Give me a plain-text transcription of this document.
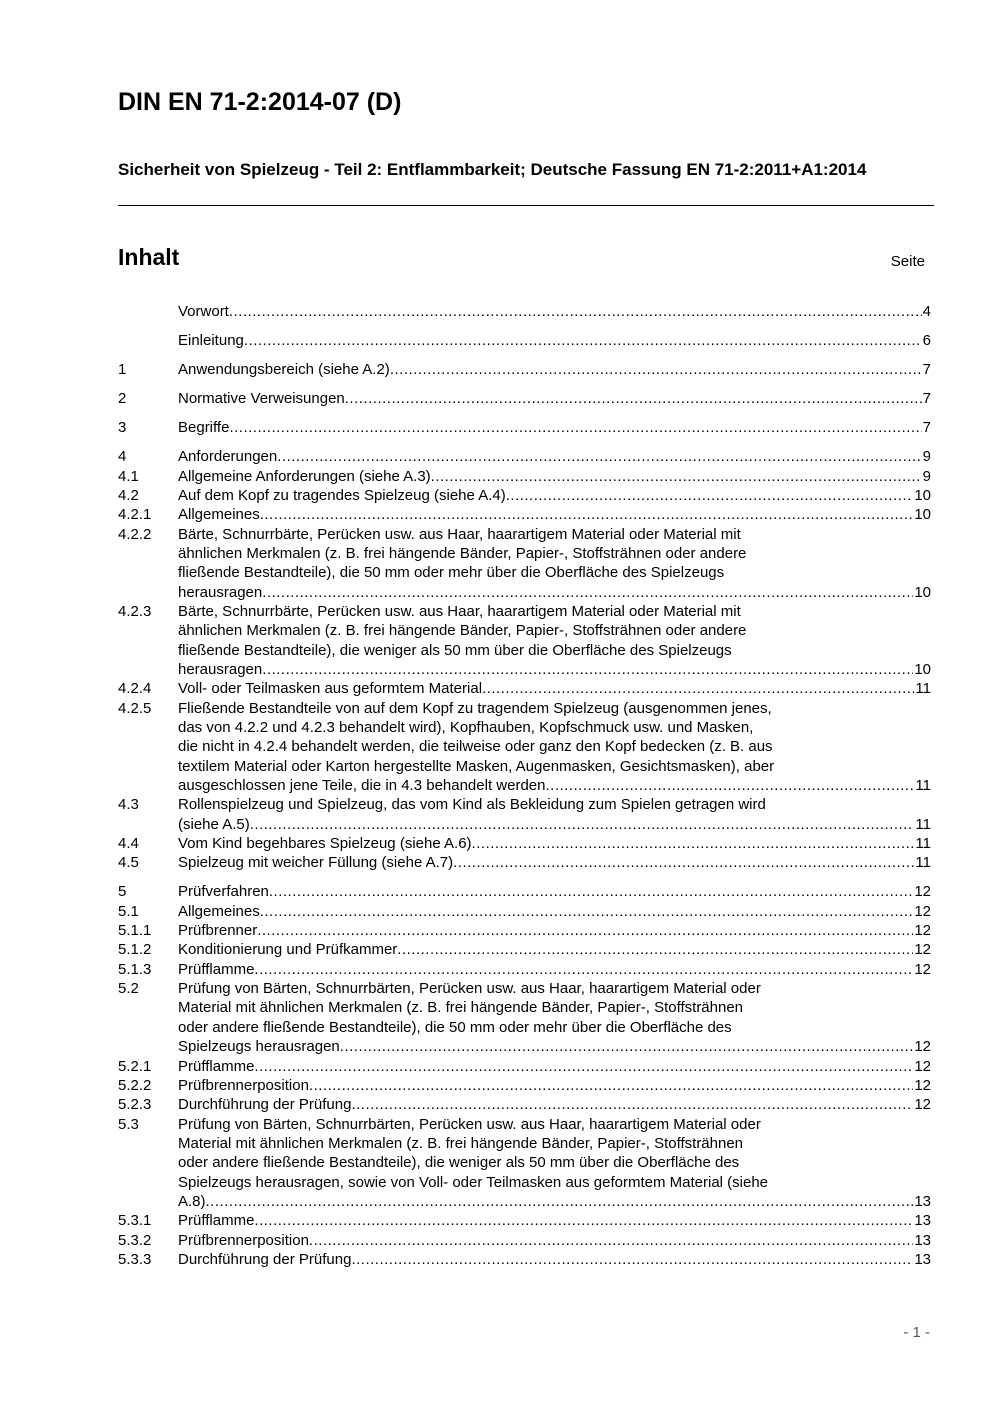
DIN EN 71-2:2014-07 (D)
Sicherheit von Spielzeug - Teil 2: Entflammbarkeit; Deutsche Fassung EN 71-2:2011+A1:2014
Inhalt	Seite
Vorwort .....	4
Einleitung .....	6
1	Anwendungsbereich (siehe A.2) .....	7
2	Normative Verweisungen .....	7
3	Begriffe .....	7
4	Anforderungen .....	9
4.1	Allgemeine Anforderungen (siehe A.3) .....	9
4.2	Auf dem Kopf zu tragendes Spielzeug (siehe A.4) .....	10
4.2.1	Allgemeines .....	10
4.2.2	Bärte, Schnurrbärte, Perücken usw. aus Haar, haarartigem Material oder Material mit
ähnlichen Merkmalen (z. B. frei hängende Bänder, Papier-, Stoffsträhnen oder andere
fließende Bestandteile), die 50 mm oder mehr über die Oberfläche des Spielzeugs
herausragen .....	10
4.2.3	Bärte, Schnurrbärte, Perücken usw. aus Haar, haarartigem Material oder Material mit
ähnlichen Merkmalen (z. B. frei hängende Bänder, Papier-, Stoffsträhnen oder andere
fließende Bestandteile), die weniger als 50 mm über die Oberfläche des Spielzeugs
herausragen .....	10
4.2.4	Voll- oder Teilmasken aus geformtem Material .....	11
4.2.5	Fließende Bestandteile von auf dem Kopf zu tragendem Spielzeug (ausgenommen jenes,
das von 4.2.2 und 4.2.3 behandelt wird), Kopfhauben, Kopfschmuck usw. und Masken,
die nicht in 4.2.4 behandelt werden, die teilweise oder ganz den Kopf bedecken (z. B. aus
textilem Material oder Karton hergestellte Masken, Augenmasken, Gesichtsmasken), aber
ausgeschlossen jene Teile, die in 4.3 behandelt werden .....	11
4.3	Rollenspielzeug und Spielzeug, das vom Kind als Bekleidung zum Spielen getragen wird
(siehe A.5) .....	11
4.4	Vom Kind begehbares Spielzeug (siehe A.6) .....	11
4.5	Spielzeug mit weicher Füllung (siehe A.7) .....	11
5	Prüfverfahren .....	12
5.1	Allgemeines .....	12
5.1.1	Prüfbrenner .....	12
5.1.2	Konditionierung und Prüfkammer .....	12
5.1.3	Prüfflamme .....	12
5.2	Prüfung von Bärten, Schnurrbärten, Perücken usw. aus Haar, haarartigem Material oder
Material mit ähnlichen Merkmalen (z. B. frei hängende Bänder, Papier-, Stoffsträhnen
oder andere fließende Bestandteile), die 50 mm oder mehr über die Oberfläche des
Spielzeugs herausragen .....	12
5.2.1	Prüfflamme .....	12
5.2.2	Prüfbrennerposition .....	12
5.2.3	Durchführung der Prüfung .....	12
5.3	Prüfung von Bärten, Schnurrbärten, Perücken usw. aus Haar, haarartigem Material oder
Material mit ähnlichen Merkmalen (z. B. frei hängende Bänder, Papier-, Stoffsträhnen
oder andere fließende Bestandteile), die weniger als 50 mm über die Oberfläche des
Spielzeugs herausragen, sowie von Voll- oder Teilmasken aus geformtem Material (siehe
A.8) .....	13
5.3.1	Prüfflamme .....	13
5.3.2	Prüfbrennerposition .....	13
5.3.3	Durchführung der Prüfung .....	13
- 1 -
